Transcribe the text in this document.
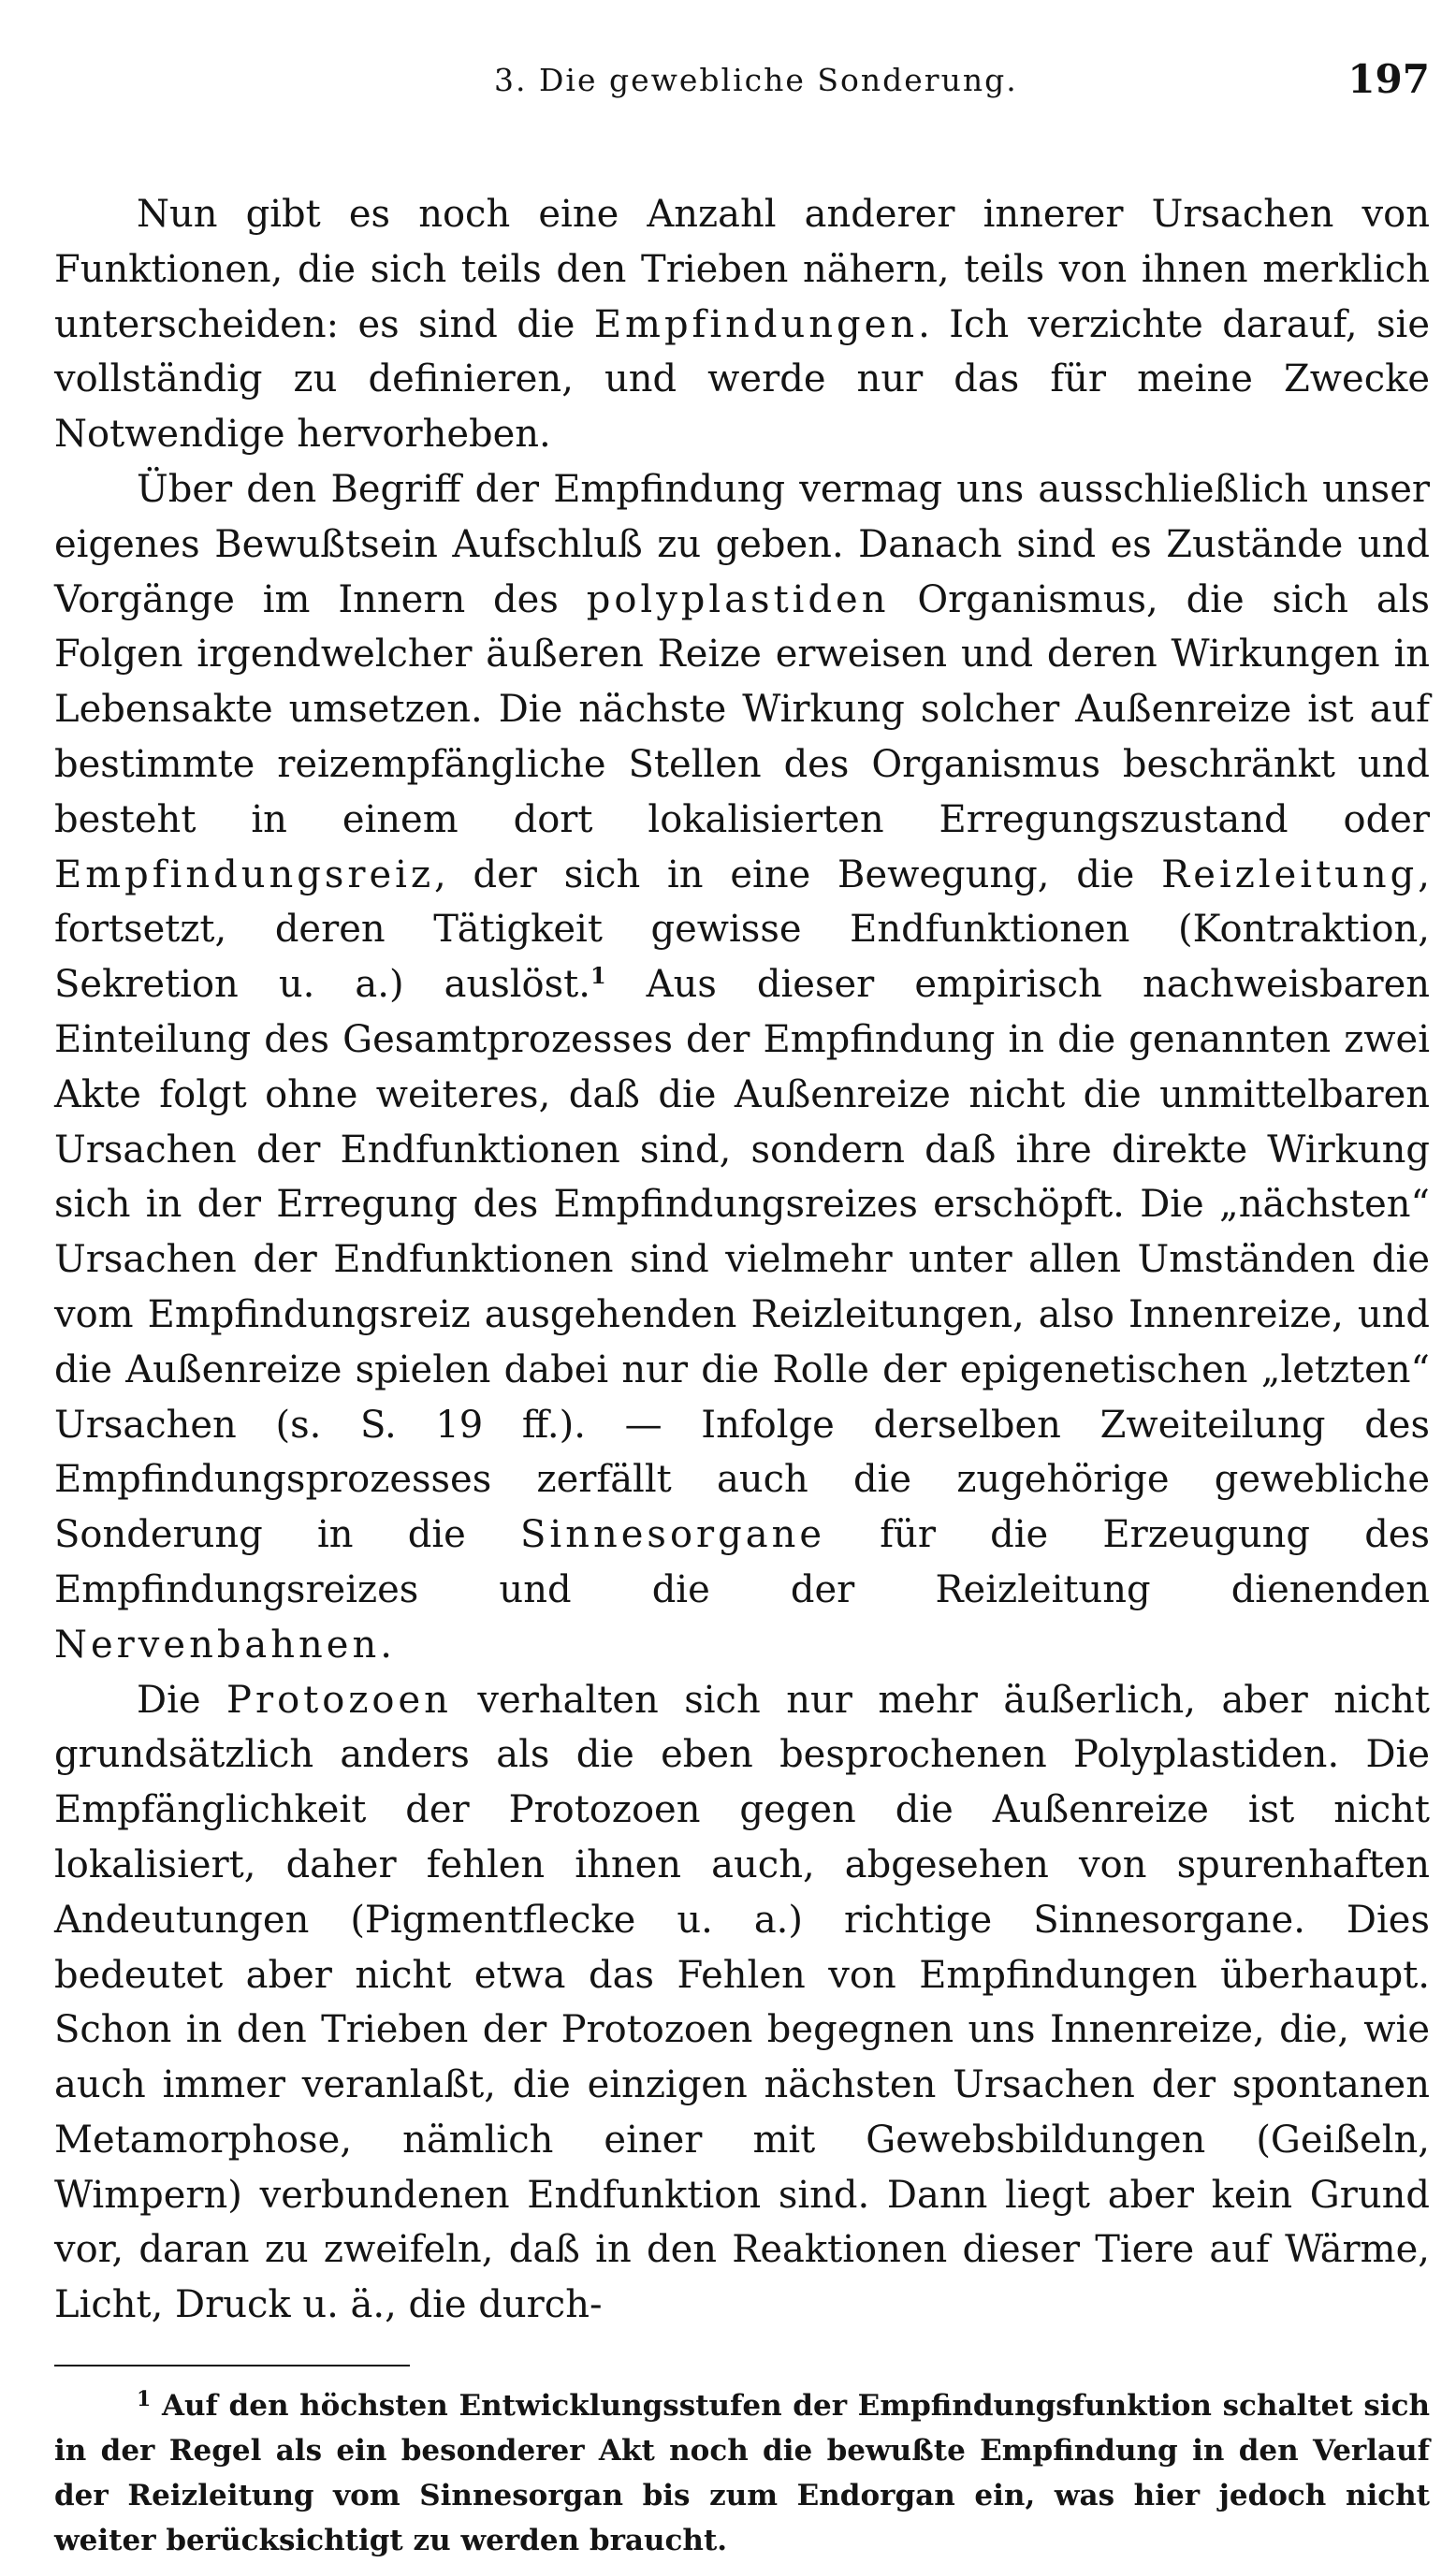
3. Die gewebliche Sonderung.	197

Nun gibt es noch eine Anzahl anderer innerer Ursachen von Funktionen, die sich teils den Trieben nähern, teils von ihnen merklich unterscheiden: es sind die Empfindungen. Ich verzichte darauf, sie vollständig zu definieren, und werde nur das für meine Zwecke Notwendige hervorheben.

Über den Begriff der Empfindung vermag uns ausschließlich unser eigenes Bewußtsein Aufschluß zu geben. Danach sind es Zustände und Vorgänge im Innern des polyplastiden Organismus, die sich als Folgen irgendwelcher äußeren Reize erweisen und deren Wirkungen in Lebensakte umsetzen. Die nächste Wirkung solcher Außenreize ist auf bestimmte reizempfängliche Stellen des Organismus beschränkt und besteht in einem dort lokalisierten Erregungszustand oder Empfindungsreiz, der sich in eine Bewegung, die Reizleitung, fortsetzt, deren Tätigkeit gewisse Endfunktionen (Kontraktion, Sekretion u. a.) auslöst.$^1$ Aus dieser empirisch nachweisbaren Einteilung des Gesamtprozesses der Empfindung in die genannten zwei Akte folgt ohne weiteres, daß die Außenreize nicht die unmittelbaren Ursachen der Endfunktionen sind, sondern daß ihre direkte Wirkung sich in der Erregung des Empfindungsreizes erschöpft. Die „nächsten“ Ursachen der Endfunktionen sind vielmehr unter allen Umständen die vom Empfindungsreiz ausgehenden Reizleitungen, also Innenreize, und die Außenreize spielen dabei nur die Rolle der epigenetischen „letzten“ Ursachen (s. S. 19 ff.). — Infolge derselben Zweiteilung des Empfindungsprozesses zerfällt auch die zugehörige gewebliche Sonderung in die Sinnesorgane für die Erzeugung des Empfindungsreizes und die der Reizleitung dienenden Nervenbahnen.

Die Protozoen verhalten sich nur mehr äußerlich, aber nicht grundsätzlich anders als die eben besprochenen Polyplastiden. Die Empfänglichkeit der Protozoen gegen die Außenreize ist nicht lokalisiert, daher fehlen ihnen auch, abgesehen von spurenhaften Andeutungen (Pigmentflecke u. a.) richtige Sinnesorgane. Dies bedeutet aber nicht etwa das Fehlen von Empfindungen überhaupt. Schon in den Trieben der Protozoen begegnen uns Innenreize, die, wie auch immer veranlaßt, die einzigen nächsten Ursachen der spontanen Metamorphose, nämlich einer mit Gewebsbildungen (Geißeln, Wimpern) verbundenen Endfunktion sind. Dann liegt aber kein Grund vor, daran zu zweifeln, daß in den Reaktionen dieser Tiere auf Wärme, Licht, Druck u. ä., die durch-

$^1$ Auf den höchsten Entwicklungsstufen der Empfindungsfunktion schaltet sich in der Regel als ein besonderer Akt noch die bewußte Empfindung in den Verlauf der Reizleitung vom Sinnesorgan bis zum Endorgan ein, was hier jedoch nicht weiter berücksichtigt zu werden braucht.
